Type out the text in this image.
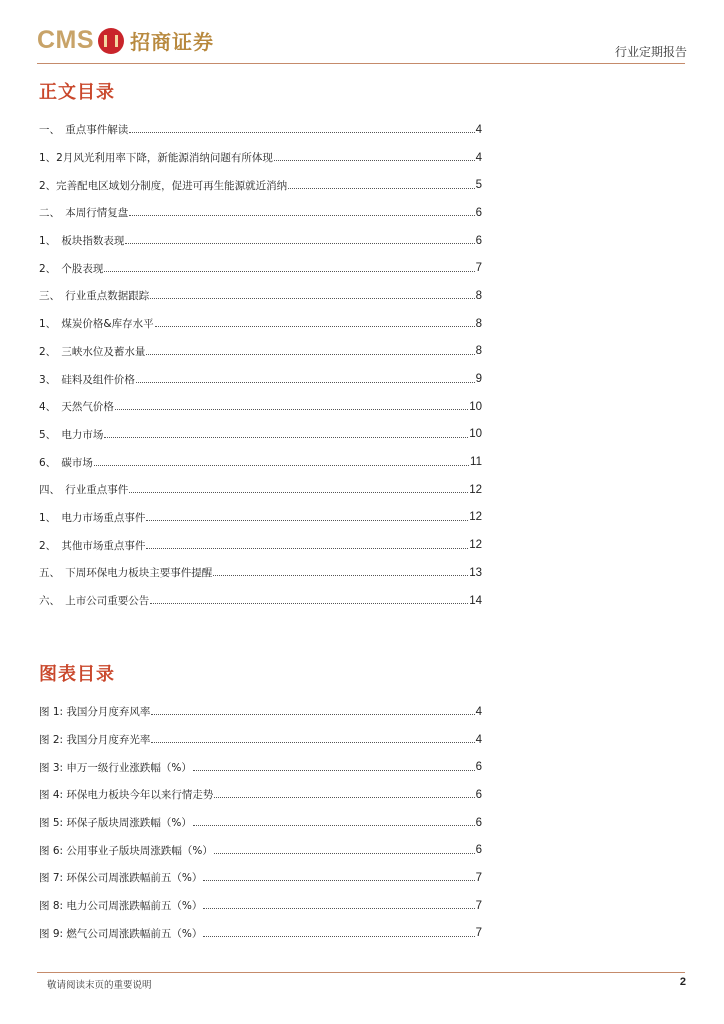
CMS 招商证券	行业定期报告
正文目录
一、　重点事件解读	4
1、2月风光利用率下降，新能源消纳问题有所体现	4
2、完善配电区域划分制度，促进可再生能源就近消纳	5
二、　本周行情复盘	6
1、　板块指数表现	6
2、　个股表现	7
三、　行业重点数据跟踪	8
1、　煤炭价格&库存水平	8
2、　三峡水位及蓄水量	8
3、　硅料及组件价格	9
4、　天然气价格	10
5、　电力市场	10
6、　碳市场	11
四、　行业重点事件	12
1、　电力市场重点事件	12
2、　其他市场重点事件	12
五、　下周环保电力板块主要事件提醒	13
六、　上市公司重要公告	14
图表目录
图 1: 我国分月度弃风率	4
图 2: 我国分月度弃光率	4
图 3: 申万一级行业涨跌幅（%）	6
图 4: 环保电力板块今年以来行情走势	6
图 5: 环保子版块周涨跌幅（%）	6
图 6: 公用事业子版块周涨跌幅（%）	6
图 7: 环保公司周涨跌幅前五（%）	7
图 8: 电力公司周涨跌幅前五（%）	7
图 9: 燃气公司周涨跌幅前五（%）	7
敬请阅读末页的重要说明	2
